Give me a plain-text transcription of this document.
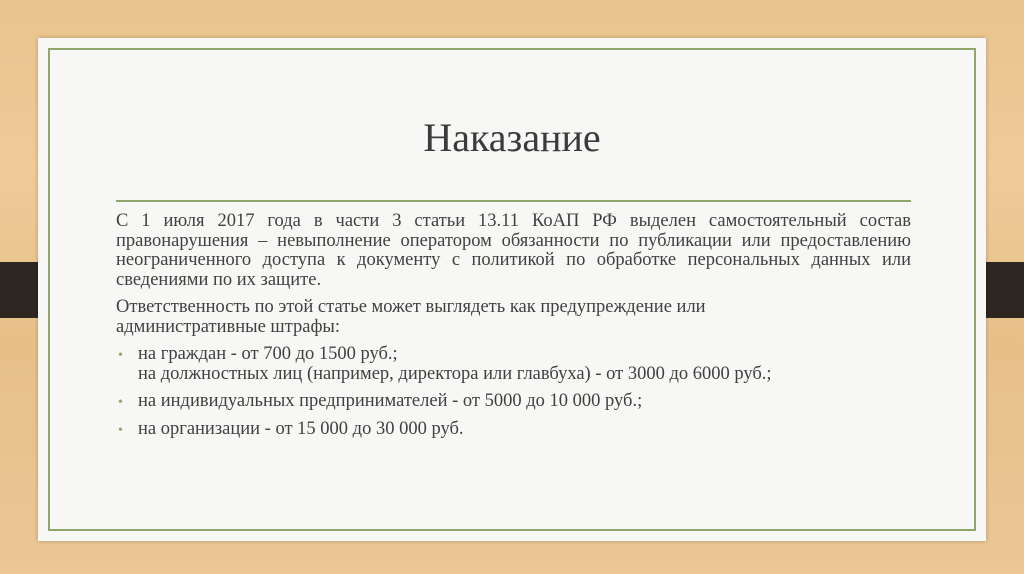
Наказание

С 1 июля 2017 года в части 3 статьи 13.11 КоАП РФ выделен самостоятельный состав правонарушения – невыполнение оператором обязанности по публикации или предоставлению неограниченного доступа к документу с политикой по обработке персональных данных или сведениями по их защите.

Ответственность по этой статье может выглядеть как предупреждение или административные штрафы:

• на граждан - от 700 до 1500 руб.;
на должностных лиц (например, директора или главбуха) - от 3000 до 6000 руб.;
• на индивидуальных предпринимателей - от 5000 до 10 000 руб.;
• на организации - от 15 000 до 30 000 руб.
